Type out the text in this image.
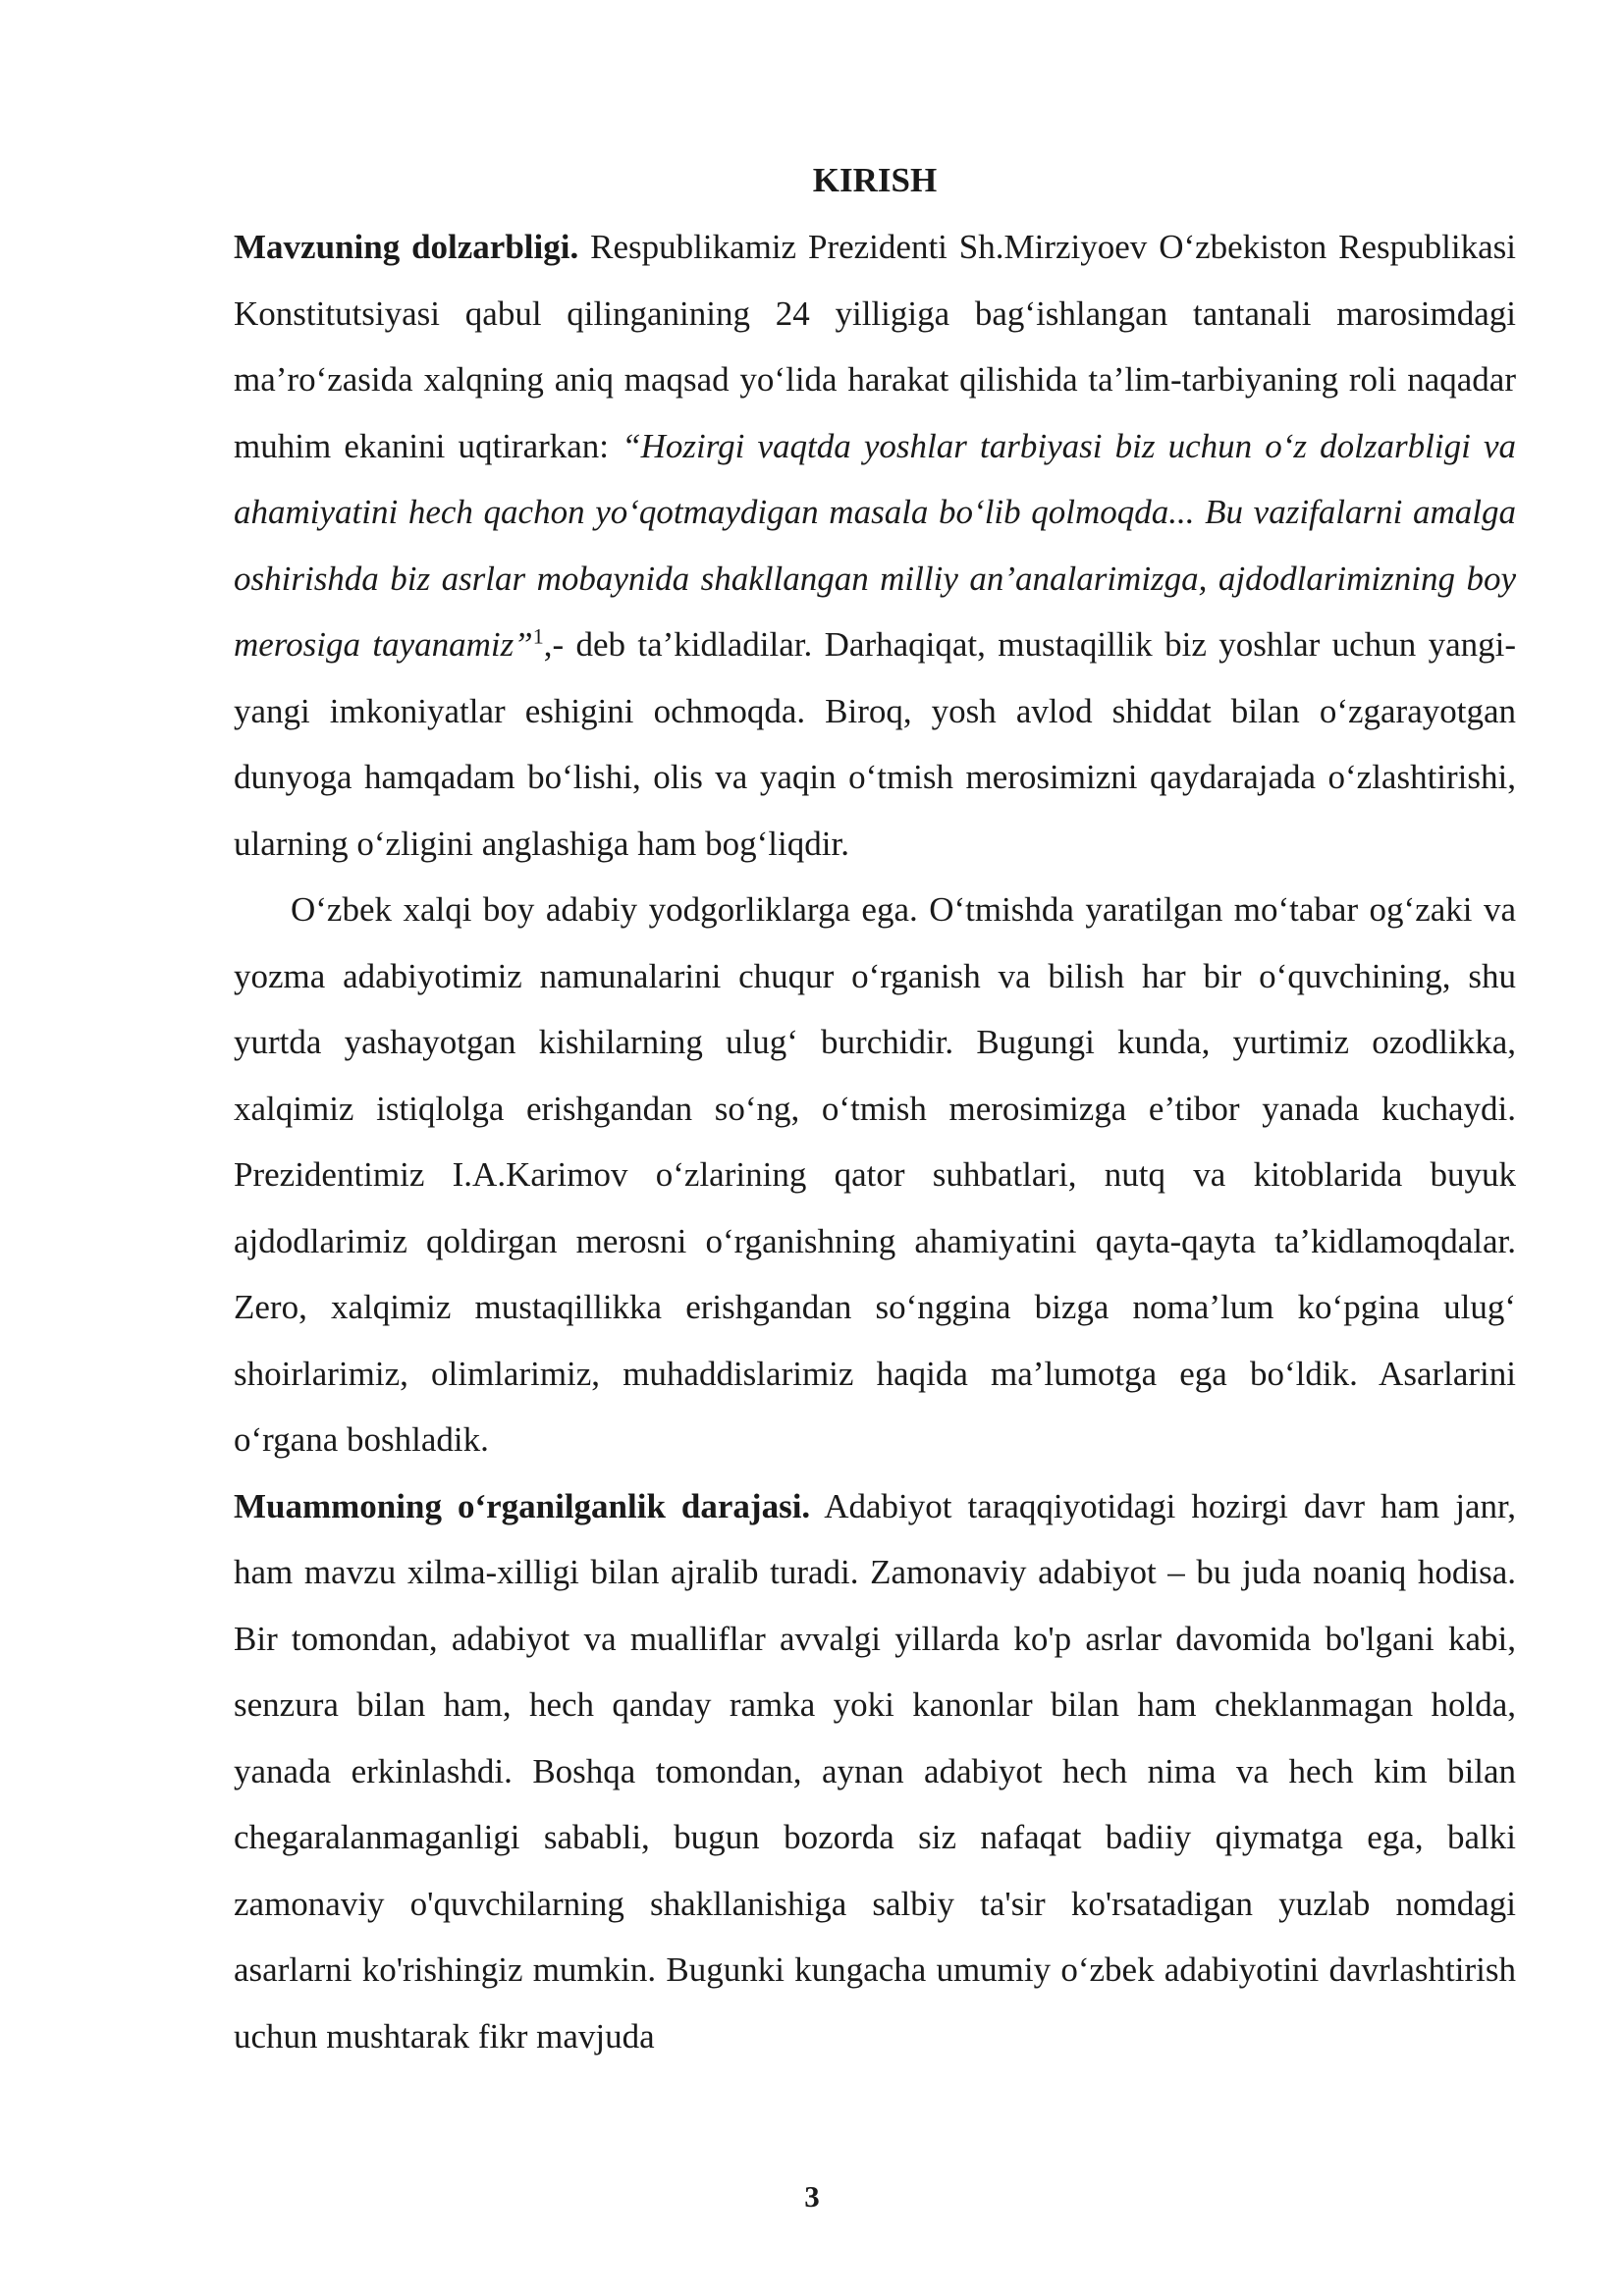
KIRISH

Mavzuning dolzarbligi. Respublikamiz Prezidenti Sh.Mirziyoev O‘zbekiston Respublikasi Konstitutsiyasi qabul qilinganining 24 yilligiga bag‘ishlangan tantanali marosimdagi ma’ro‘zasida xalqning aniq maqsad yo‘lida harakat qilishida ta’lim-tarbiyaning roli naqadar muhim ekanini uqtirarkan: “Hozirgi vaqtda yoshlar tarbiyasi biz uchun o‘z dolzarbligi va ahamiyatini hech qachon yo‘qotmaydigan masala bo‘lib qolmoqda... Bu vazifalarni amalga oshirishda biz asrlar mobaynida shakllangan milliy an’analarimizga, ajdodlarimizning boy merosiga tayanamiz”$^1$,- deb ta’kidladilar. Darhaqiqat, mustaqillik biz yoshlar uchun yangi-yangi imkoniyatlar eshigini ochmoqda. Biroq, yosh avlod shiddat bilan o‘zgarayotgan dunyoga hamqadam bo‘lishi, olis va yaqin o‘tmish merosimizni qaydarajada o‘zlashtirishi, ularning o‘zligini anglashiga ham bog‘liqdir.

O‘zbek xalqi boy adabiy yodgorliklarga ega. O‘tmishda yaratilgan mo‘tabar og‘zaki va yozma adabiyotimiz namunalarini chuqur o‘rganish va bilish har bir o‘quvchining, shu yurtda yashayotgan kishilarning ulug‘ burchidir. Bugungi kunda, yurtimiz ozodlikka, xalqimiz istiqlolga erishgandan so‘ng, o‘tmish merosimizga e’tibor yanada kuchaydi. Prezidentimiz I.A.Karimov o‘zlarining qator suhbatlari, nutq va kitoblarida buyuk ajdodlarimiz qoldirgan merosni o‘rganishning ahamiyatini qayta-qayta ta’kidlamoqdalar. Zero, xalqimiz mustaqillikka erishgandan so‘nggina bizga noma’lum ko‘pgina ulug‘ shoirlarimiz, olimlarimiz, muhaddislarimiz haqida ma’lumotga ega bo‘ldik. Asarlarini o‘rgana boshladik.

Muammoning o‘rganilganlik darajasi. Adabiyot taraqqiyotidagi hozirgi davr ham janr, ham mavzu xilma-xilligi bilan ajralib turadi. Zamonaviy adabiyot – bu juda noaniq hodisa. Bir tomondan, adabiyot va mualliflar avvalgi yillarda ko'p asrlar davomida bo'lgani kabi, senzura bilan ham, hech qanday ramka yoki kanonlar bilan ham cheklanmagan holda, yanada erkinlashdi. Boshqa tomondan, aynan adabiyot hech nima va hech kim bilan chegaralanmaganligi sababli, bugun bozorda siz nafaqat badiiy qiymatga ega, balki zamonaviy o'quvchilarning shakllanishiga salbiy ta'sir ko'rsatadigan yuzlab nomdagi asarlarni ko'rishingiz mumkin. Bugunki kungacha umumiy o‘zbek adabiyotini davrlashtirish uchun mushtarak fikr mavjuda

3
